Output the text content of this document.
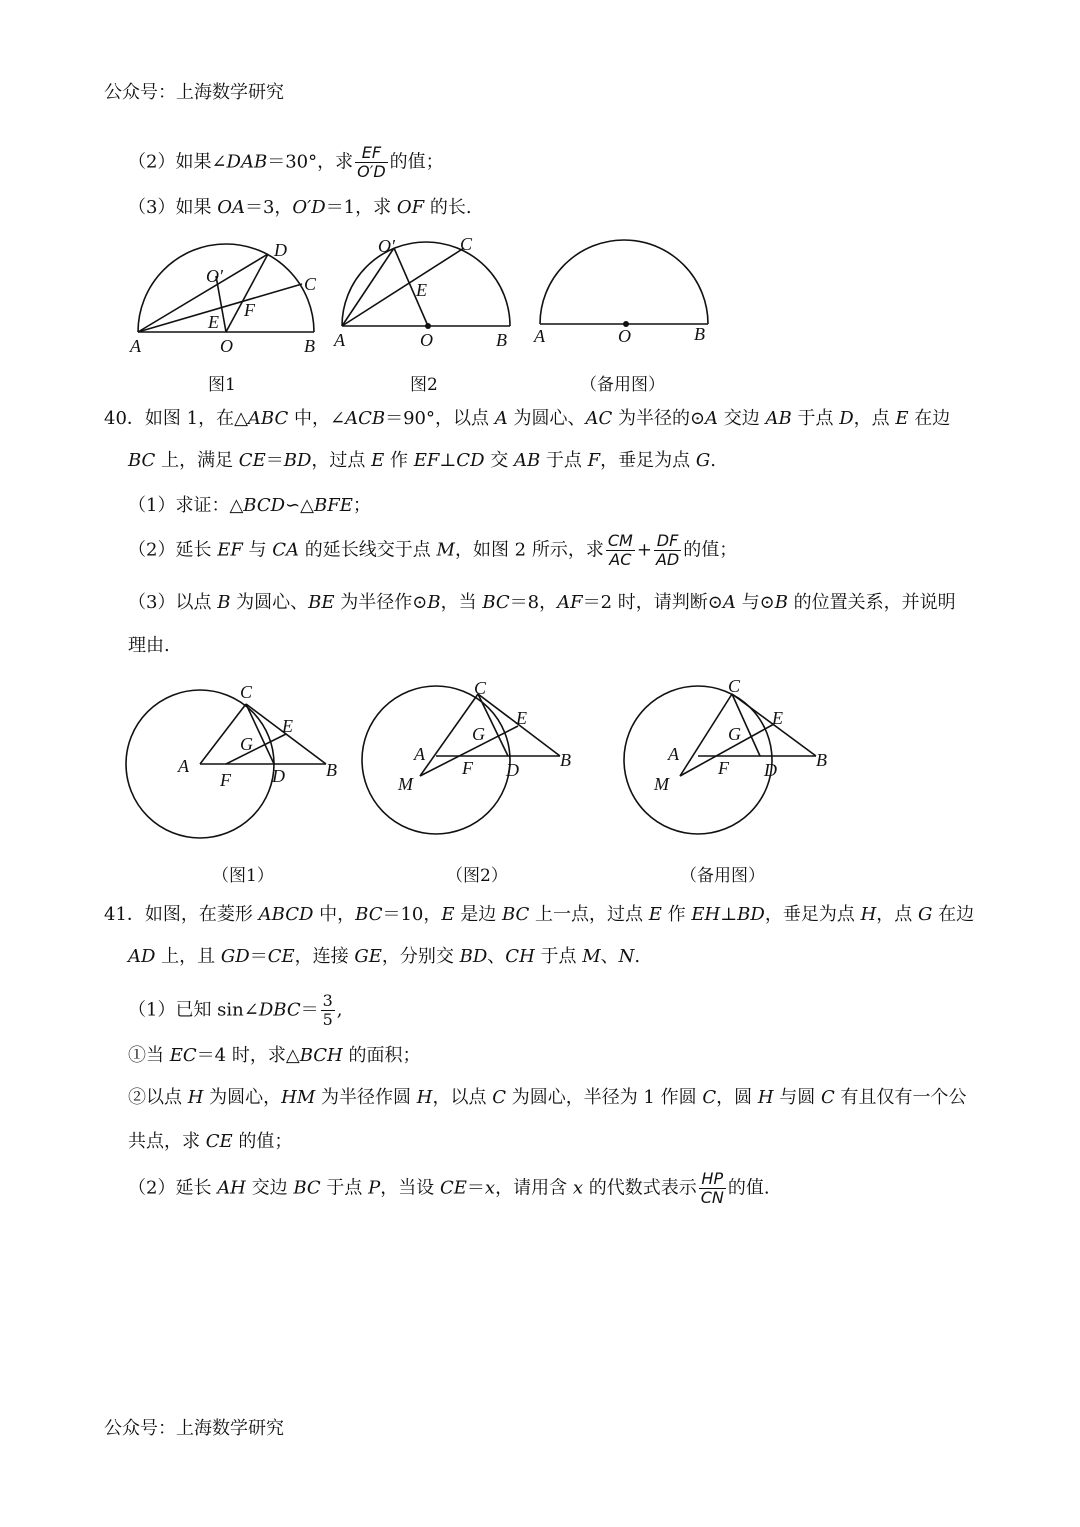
公众号：上海数学研究
（2）如果∠DAB＝30°，求 $\frac{EF}{O'D}$ 的值；
（3）如果 OA＝3，O′D＝1，求 OF 的长.
A	O	B
D
C
O′
E
F
A	O	B
C
O′
E
A	O	B
图1	图2	（备用图）
40．如图 1，在△ABC 中，∠ACB＝90°，以点 A 为圆心、AC 为半径的⊙A 交边 AB 于点 D，点 E 在边
BC 上，满足 CE＝BD，过点 E 作 EF⊥CD 交 AB 于点 F，垂足为点 G.
（1）求证：△BCD∽△BFE；
（2）延长 EF 与 CA 的延长线交于点 M，如图 2 所示，求 $\frac{CM}{AC} + \frac{DF}{AD}$ 的值；
（3）以点 B 为圆心、BE 为半径作⊙B，当 BC＝8，AF＝2 时，请判断⊙A 与⊙B 的位置关系，并说明
理由.
A	B
C
D
E
F
G	A	B
C
D
E
F
G
M
A	B
C
D
E
F
G
M
（图1）	（图2）	（备用图）
41．如图，在菱形 ABCD 中，BC＝10，E 是边 BC 上一点，过点 E 作 EH⊥BD，垂足为点 H，点 G 在边
AD 上，且 GD＝CE，连接 GE，分别交 BD、CH 于点 M、N.
（1）已知 sin∠DBC＝ $\frac{3}{5}$ ,
①当 EC＝4 时，求△BCH 的面积；
②以点 H 为圆心，HM 为半径作圆 H，以点 C 为圆心，半径为 1 作圆 C，圆 H 与圆 C 有且仅有一个公
共点，求 CE 的值；
（2）延长 AH 交边 BC 于点 P，当设 CE＝x，请用含 x 的代数式表示 $\frac{HP}{CN}$ 的值.
公众号：上海数学研究
